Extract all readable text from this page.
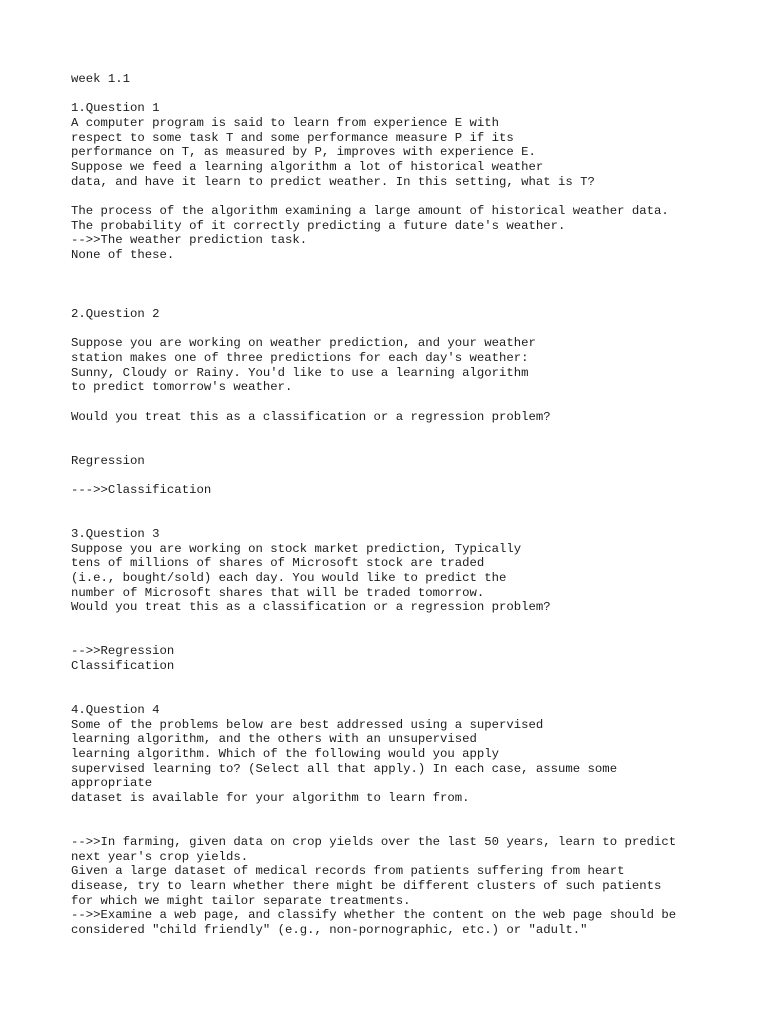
week 1.1
1.Question 1
A computer program is said to learn from experience E with
respect to some task T and some performance measure P if its
performance on T, as measured by P, improves with experience E.
Suppose we feed a learning algorithm a lot of historical weather
data, and have it learn to predict weather. In this setting, what is T?
The process of the algorithm examining a large amount of historical weather data.
The probability of it correctly predicting a future date's weather.
-->>The weather prediction task.
None of these.
2.Question 2
Suppose you are working on weather prediction, and your weather
station makes one of three predictions for each day's weather:
Sunny, Cloudy or Rainy. You'd like to use a learning algorithm
to predict tomorrow's weather.
Would you treat this as a classification or a regression problem?
Regression
--->>Classification
3.Question 3
Suppose you are working on stock market prediction, Typically
tens of millions of shares of Microsoft stock are traded
(i.e., bought/sold) each day. You would like to predict the
number of Microsoft shares that will be traded tomorrow.
Would you treat this as a classification or a regression problem?
-->>Regression
Classification
4.Question 4
Some of the problems below are best addressed using a supervised
learning algorithm, and the others with an unsupervised
learning algorithm. Which of the following would you apply
supervised learning to? (Select all that apply.) In each case, assume some
appropriate
dataset is available for your algorithm to learn from.
-->>In farming, given data on crop yields over the last 50 years, learn to predict
next year's crop yields.
Given a large dataset of medical records from patients suffering from heart
disease, try to learn whether there might be different clusters of such patients
for which we might tailor separate treatments.
-->>Examine a web page, and classify whether the content on the web page should be
considered "child friendly" (e.g., non-pornographic, etc.) or "adult."
